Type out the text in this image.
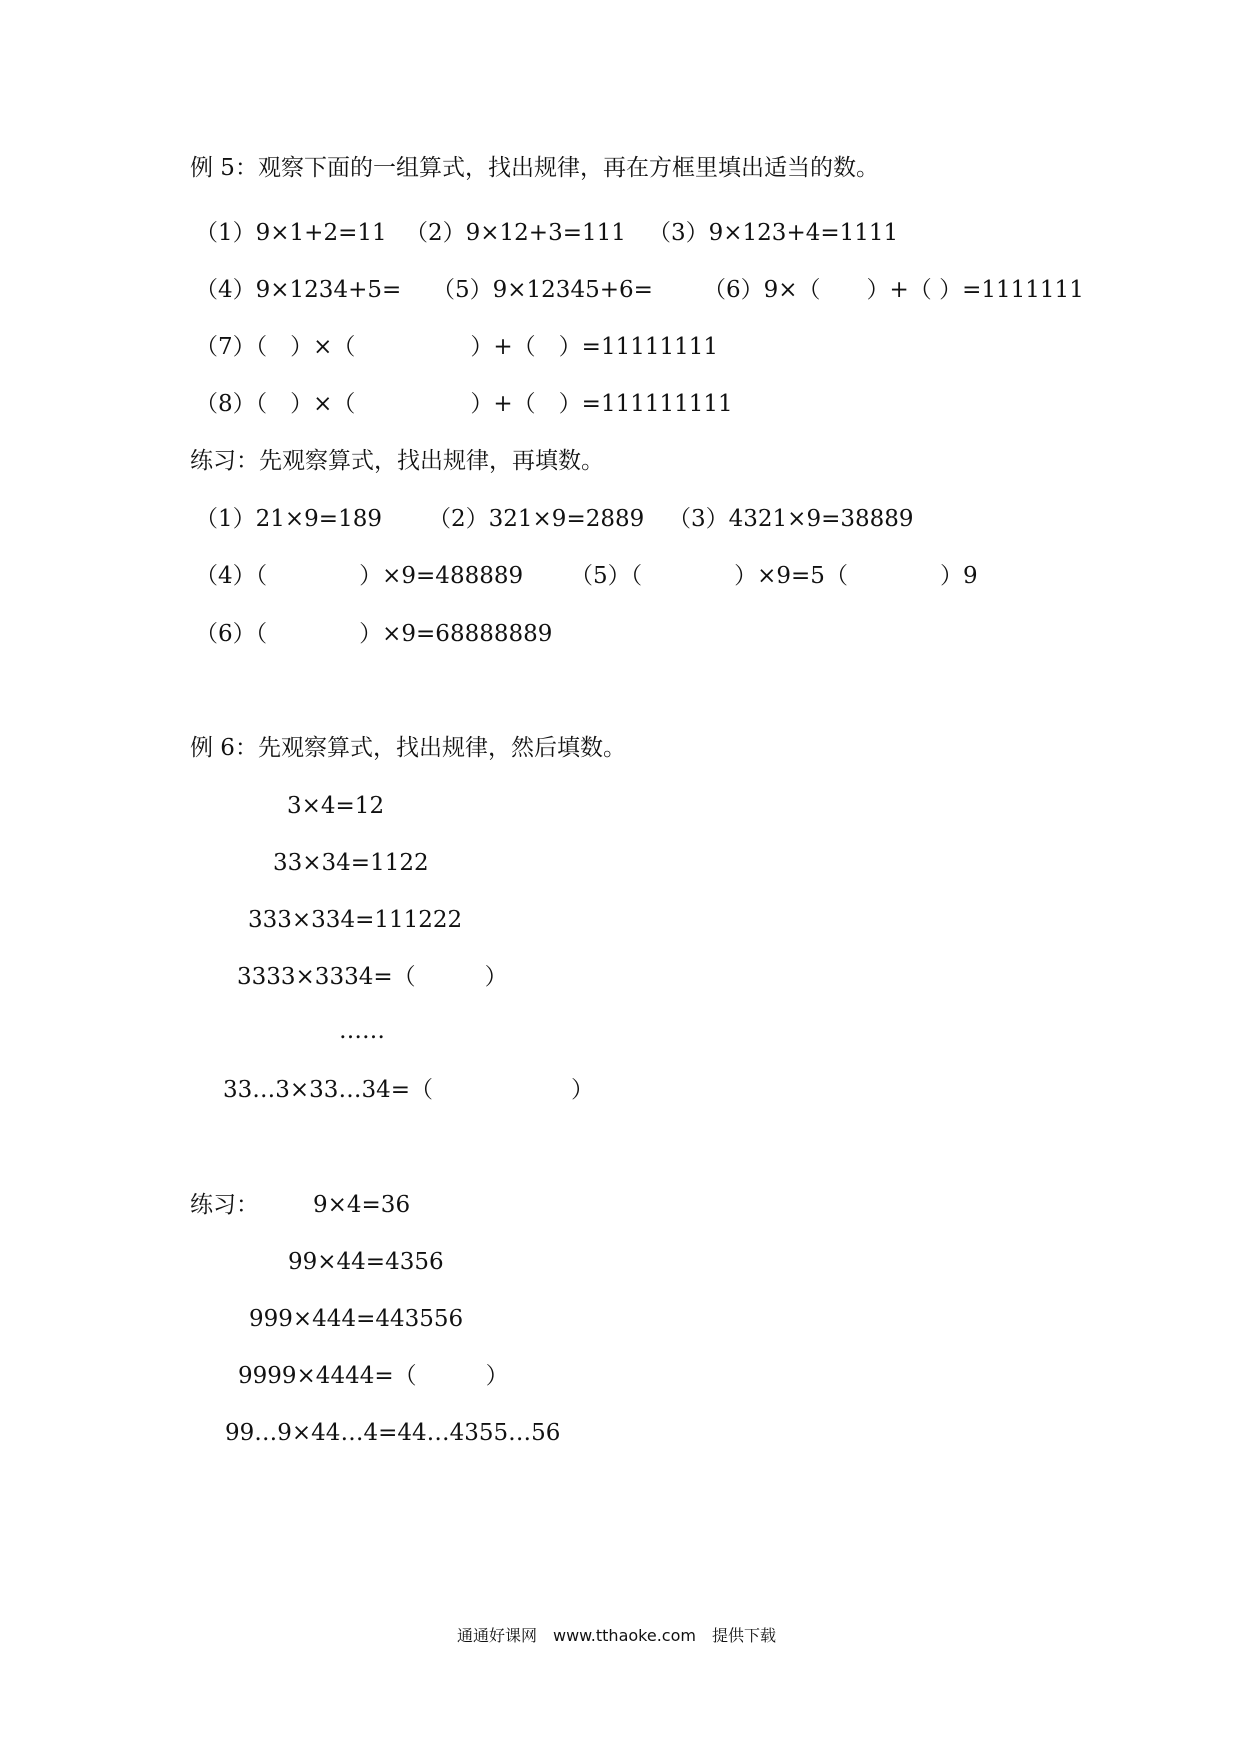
例 5：观察下面的一组算式，找出规律，再在方框里填出适当的数。
（1）9×1+2=11 （2）9×12+3=111 （3）9×123+4=1111
（4）9×1234+5= （5）9×12345+6= （6）9×（　　）+（ ）=1111111
（7）（　）×（　　　　　）+（　）=11111111
（8）（　）×（　　　　　）+（　）=111111111
练习：先观察算式，找出规律，再填数。
（1）21×9=189 （2）321×9=2889 （3）4321×9=38889
（4）（　　　　）×9=488889 （5）（　　　　）×9=5（　　　　）9
（6）（　　　　）×9=68888889
例 6：先观察算式，找出规律，然后填数。
3×4=12
33×34=1122
333×334=111222
3333×3334=（　　　）
……
33…3×33…34=（　　　　　　）
练习： 9×4=36
99×44=4356
999×444=443556
9999×4444=（　　　）
99…9×44…4=44…4355…56
通通好课网　www.tthaoke.com　提供下载
